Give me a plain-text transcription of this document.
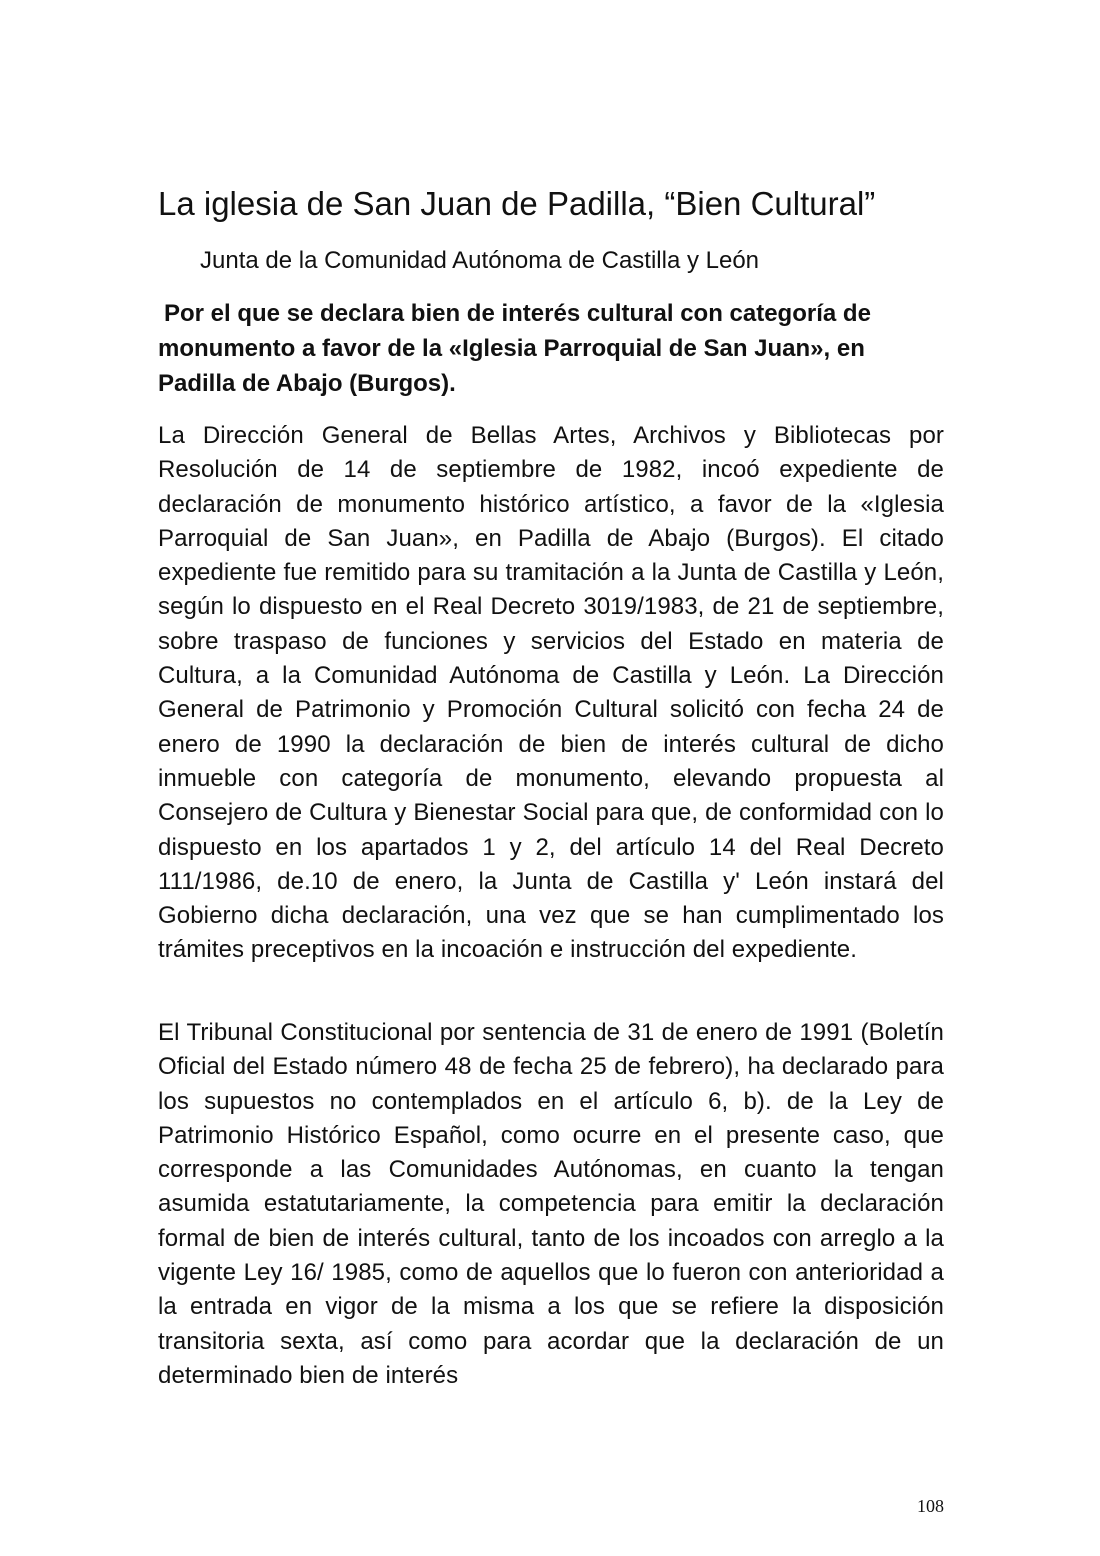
La iglesia de San Juan de Padilla, “Bien Cultural”

Junta de la Comunidad Autónoma de Castilla y León

Por el que se declara bien de interés cultural con categoría de monumento a favor de la «Iglesia Parroquial de San Juan», en Padilla de Abajo (Burgos).

La Dirección General de Bellas Artes, Archivos y Bibliotecas por Resolución de 14 de septiembre de 1982, incoó expediente de declaración de monumento histórico artístico, a favor de la «Iglesia Parroquial de San Juan», en Padilla de Abajo (Burgos). El citado expediente fue remitido para su tramitación a la Junta de Castilla y León, según lo dispuesto en el Real Decreto 3019/1983, de 21 de septiembre, sobre traspaso de funciones y servicios del Estado en materia de Cultura, a la Comunidad Autónoma de Castilla y León. La Dirección General de Patrimonio y Promoción Cultural solicitó con fecha 24 de enero de 1990 la declaración de bien de interés cultural de dicho inmueble con categoría de monumento, elevando propuesta al Consejero de Cultura y Bienestar Social para que, de conformidad con lo dispuesto en los apartados 1 y 2, del artículo 14 del Real Decreto 111/1986, de.10 de enero, la Junta de Castilla y' León instará del Gobierno dicha declaración, una vez que se han cumplimentado los trámites preceptivos en la incoación e instrucción del expediente.

El Tribunal Constitucional por sentencia de 31 de enero de 1991 (Boletín Oficial del Estado número 48 de fecha 25 de febrero), ha declarado para los supuestos no contemplados en el artículo 6, b). de la Ley de Patrimonio Histórico Español, como ocurre en el presente caso, que corresponde a las Comunidades Autónomas, en cuanto la tengan asumida estatutariamente, la competencia para emitir la declaración formal de bien de interés cultural, tanto de los incoados con arreglo a la vigente Ley 16/ 1985, como de aquellos que lo fueron con anterioridad a la entrada en vigor de la misma a los que se refiere la disposición transitoria sexta, así como para acordar que la declaración de un determinado bien de interés

108
